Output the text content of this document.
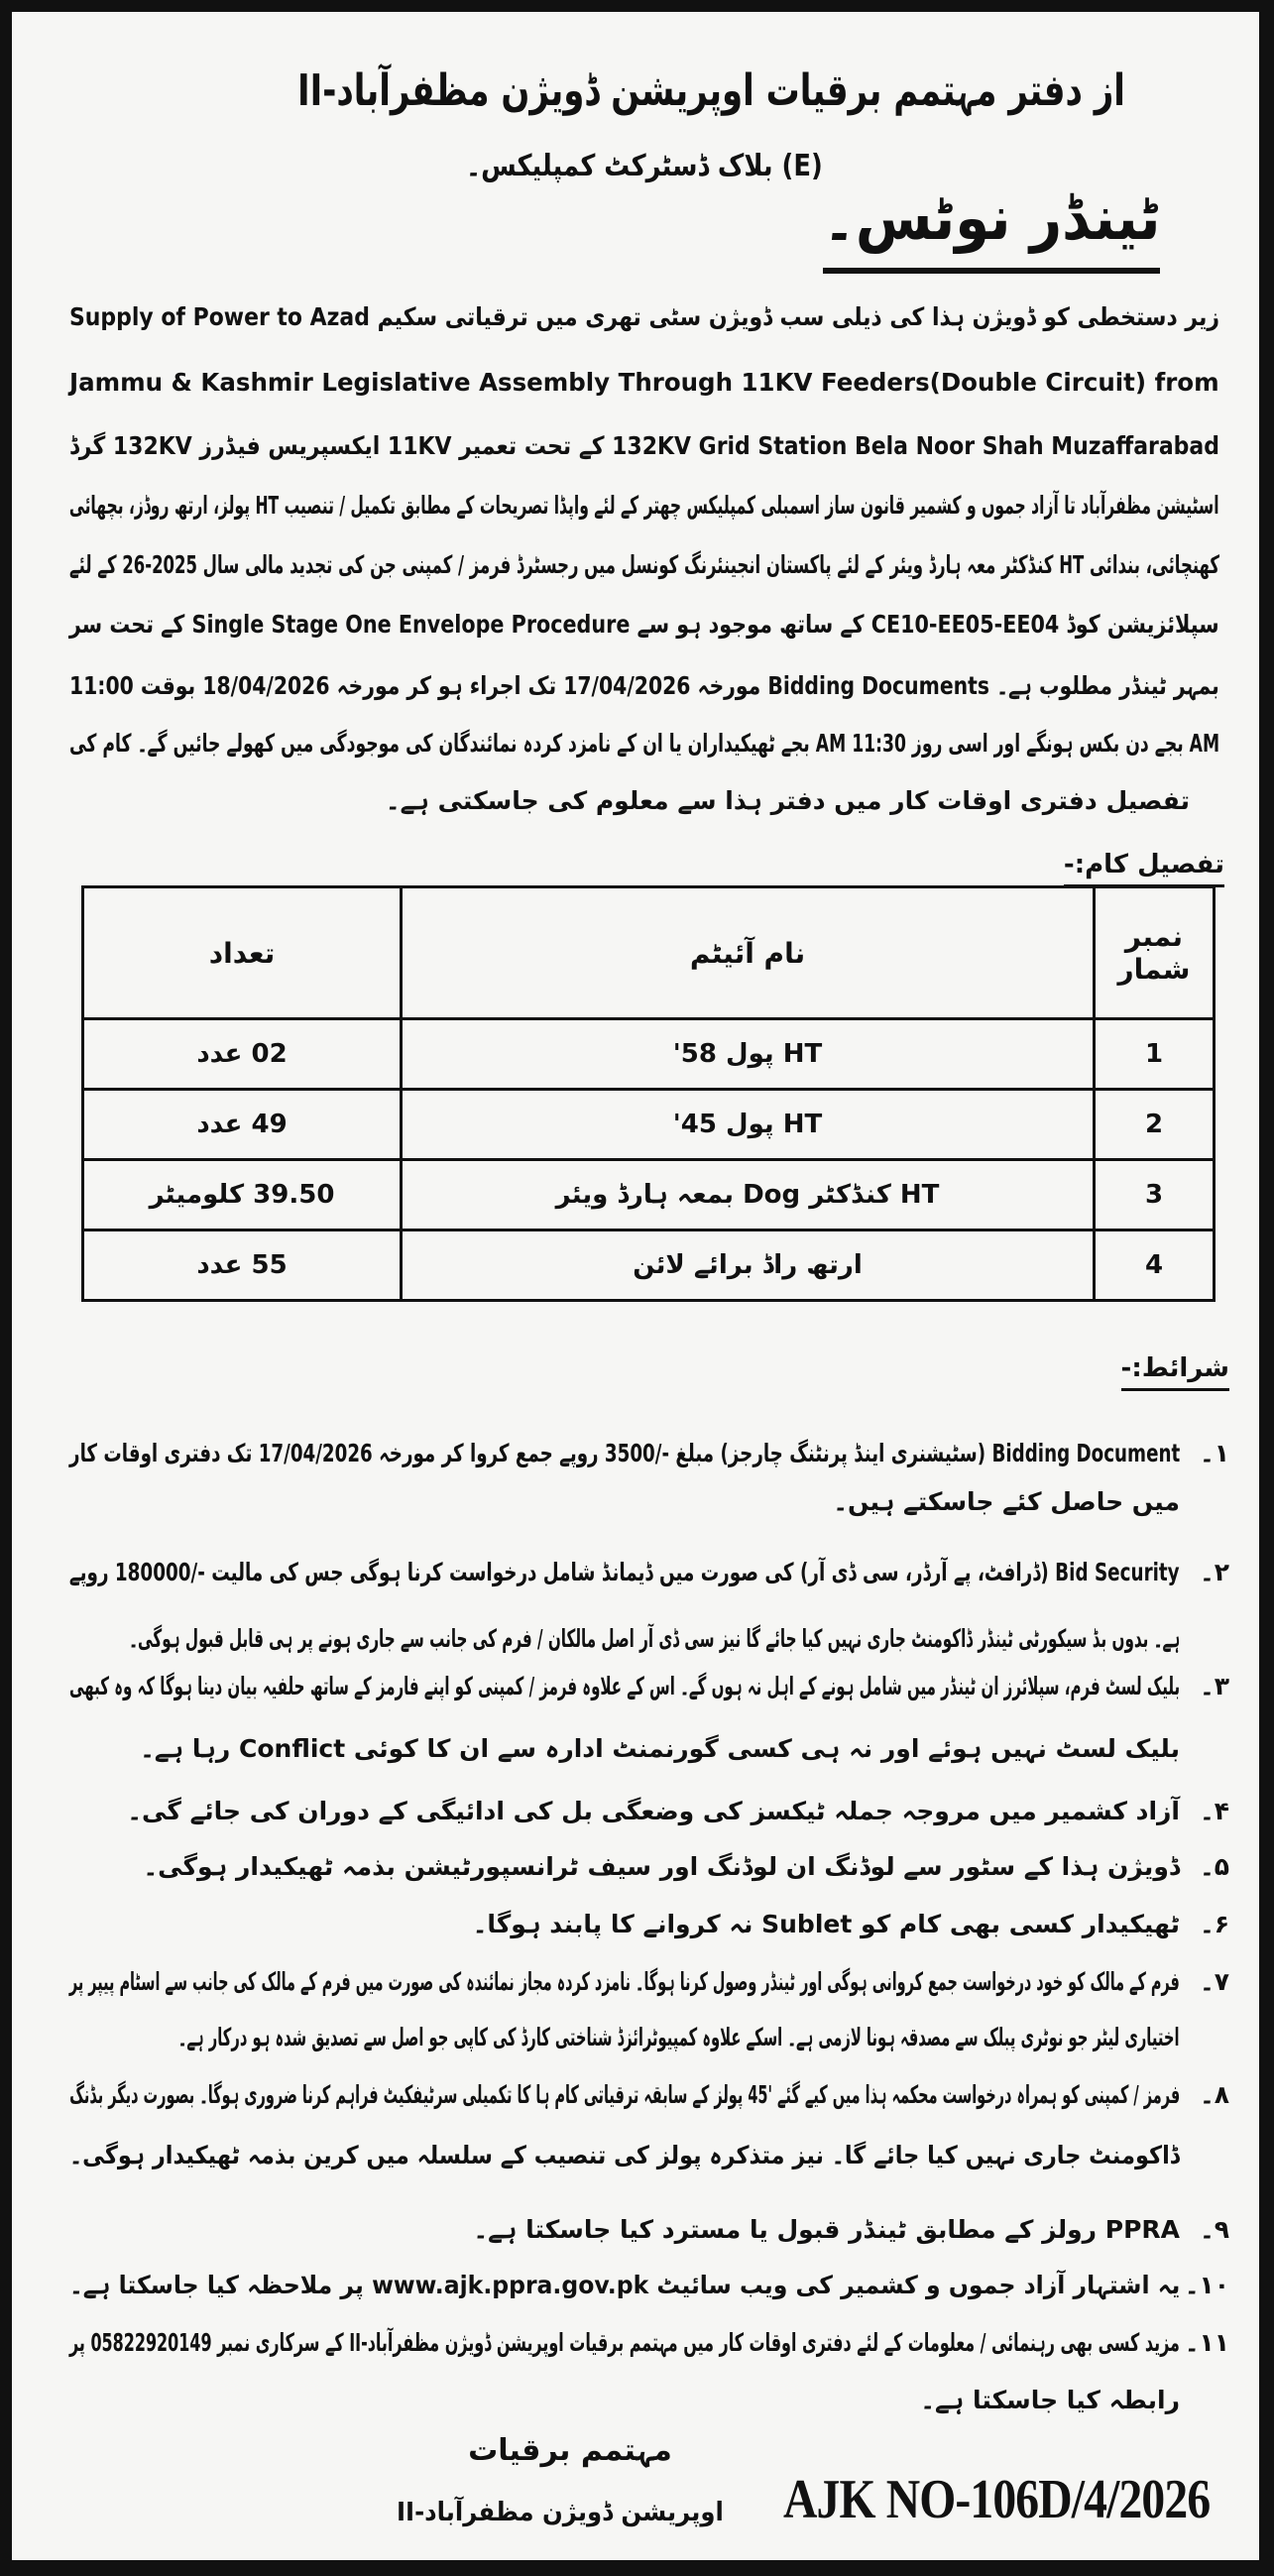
از دفتر مہتمم برقیات اوپریشن ڈویژن مظفرآباد-II
(E) بلاک ڈسٹرکٹ کمپلیکس۔
ٹینڈر نوٹس۔
زیر دستخطی کو ڈویژن ہذا کی ذیلی سب ڈویژن سٹی تھری میں ترقیاتی سکیم Supply of Power to Azad
Jammu & Kashmir Legislative Assembly Through 11KV Feeders(Double Circuit) from
132KV Grid Station Bela Noor Shah Muzaffarabad کے تحت تعمیر 11KV ایکسپریس فیڈرز 132KV گرڈ
اسٹیشن مظفرآباد تا آزاد جموں و کشمیر قانون ساز اسمبلی کمپلیکس چھتر کے لئے واپڈا تصریحات کے مطابق تکمیل / تنصیب HT پولز، ارتھ روڈز، بچھائی
کھنچائی، بندائی HT کنڈکٹر معہ ہارڈ ویئر کے لئے پاکستان انجینئرنگ کونسل میں رجسٹرڈ فرمز / کمپنی جن کی تجدید مالی سال 2025-26 کے لئے
سپلائزیشن کوڈ CE10-EE05-EE04 کے ساتھ موجود ہو سے Single Stage One Envelope Procedure کے تحت سر
بمہر ٹینڈر مطلوب ہے۔ Bidding Documents مورخہ 17/04/2026 تک اجراء ہو کر مورخہ 18/04/2026 بوقت 11:00
AM بجے دن بکس ہونگے اور اسی روز 11:30 AM بجے ٹھیکیداران یا ان کے نامزد کردہ نمائندگان کی موجودگی میں کھولے جائیں گے۔ کام کی
تفصیل دفتری اوقات کار میں دفتر ہذا سے معلوم کی جاسکتی ہے۔
تفصیل کام:-
نمبر شمار	نام آئیٹم	تعداد
1	HT پول 58'	02 عدد
2	HT پول 45'	49 عدد
3	HT کنڈکٹر Dog بمعہ ہارڈ ویئر	39.50 کلومیٹر
4	ارتھ راڈ برائے لائن	55 عدد
شرائط:-
۱۔
Bidding Document (سٹیشنری اینڈ پرنٹنگ چارجز) مبلغ -/3500 روپے جمع کروا کر مورخہ 17/04/2026 تک دفتری اوقات کار
میں حاصل کئے جاسکتے ہیں۔
۲۔
Bid Security (ڈرافٹ، پے آرڈر، سی ڈی آر) کی صورت میں ڈیمانڈ شامل درخواست کرنا ہوگی جس کی مالیت -/180000 روپے
ہے۔ بدوں بڈ سیکورٹی ٹینڈر ڈاکومنٹ جاری نہیں کیا جائے گا نیز سی ڈی آر اصل مالکان / فرم کی جانب سے جاری ہونے پر ہی قابل قبول ہوگی۔
۳۔
بلیک لسٹ فرم، سپلائرز ان ٹینڈر میں شامل ہونے کے اہل نہ ہوں گے۔ اس کے علاوہ فرمز / کمپنی کو اپنے فارمز کے ساتھ حلفیہ بیان دینا ہوگا کہ وہ کبھی
بلیک لسٹ نہیں ہوئے اور نہ ہی کسی گورنمنٹ ادارہ سے ان کا کوئی Conflict رہا ہے۔
۴۔
آزاد کشمیر میں مروجہ جملہ ٹیکسز کی وضعگی بل کی ادائیگی کے دوران کی جائے گی۔
۵۔
ڈویژن ہذا کے سٹور سے لوڈنگ ان لوڈنگ اور سیف ٹرانسپورٹیشن بذمہ ٹھیکیدار ہوگی۔
۶۔
ٹھیکیدار کسی بھی کام کو Sublet نہ کروانے کا پابند ہوگا۔
۷۔
فرم کے مالک کو خود درخواست جمع کروانی ہوگی اور ٹینڈر وصول کرنا ہوگا۔ نامزد کردہ مجاز نمائندہ کی صورت میں فرم کے مالک کی جانب سے اسٹام پیپر پر
اختیاری لیٹر جو نوٹری پبلک سے مصدقہ ہونا لازمی ہے۔ اسکے علاوہ کمپیوٹرائزڈ شناختی کارڈ کی کاپی جو اصل سے تصدیق شدہ ہو درکار ہے۔
۸۔
فرمز / کمپنی کو ہمراہ درخواست محکمہ ہذا میں کیے گئے '45 پولز کے سابقہ ترقیاتی کام ہا کا تکمیلی سرٹیفکیٹ فراہم کرنا ضروری ہوگا۔ بصورت دیگر بڈنگ
ڈاکومنٹ جاری نہیں کیا جائے گا۔ نیز متذکرہ پولز کی تنصیب کے سلسلہ میں کرین بذمہ ٹھیکیدار ہوگی۔
۹۔
PPRA رولز کے مطابق ٹینڈر قبول یا مسترد کیا جاسکتا ہے۔
۱۰۔
یہ اشتہار آزاد جموں و کشمیر کی ویب سائیٹ www.ajk.ppra.gov.pk پر ملاحظہ کیا جاسکتا ہے۔
۱۱۔
مزید کسی بھی رہنمائی / معلومات کے لئے دفتری اوقات کار میں مہتمم برقیات اوپریشن ڈویژن مظفرآباد-II کے سرکاری نمبر 05822920149 پر
رابطہ کیا جاسکتا ہے۔
مہتمم برقیات
اوپریشن ڈویژن مظفرآباد-II AJK NO-106D/4/2026
